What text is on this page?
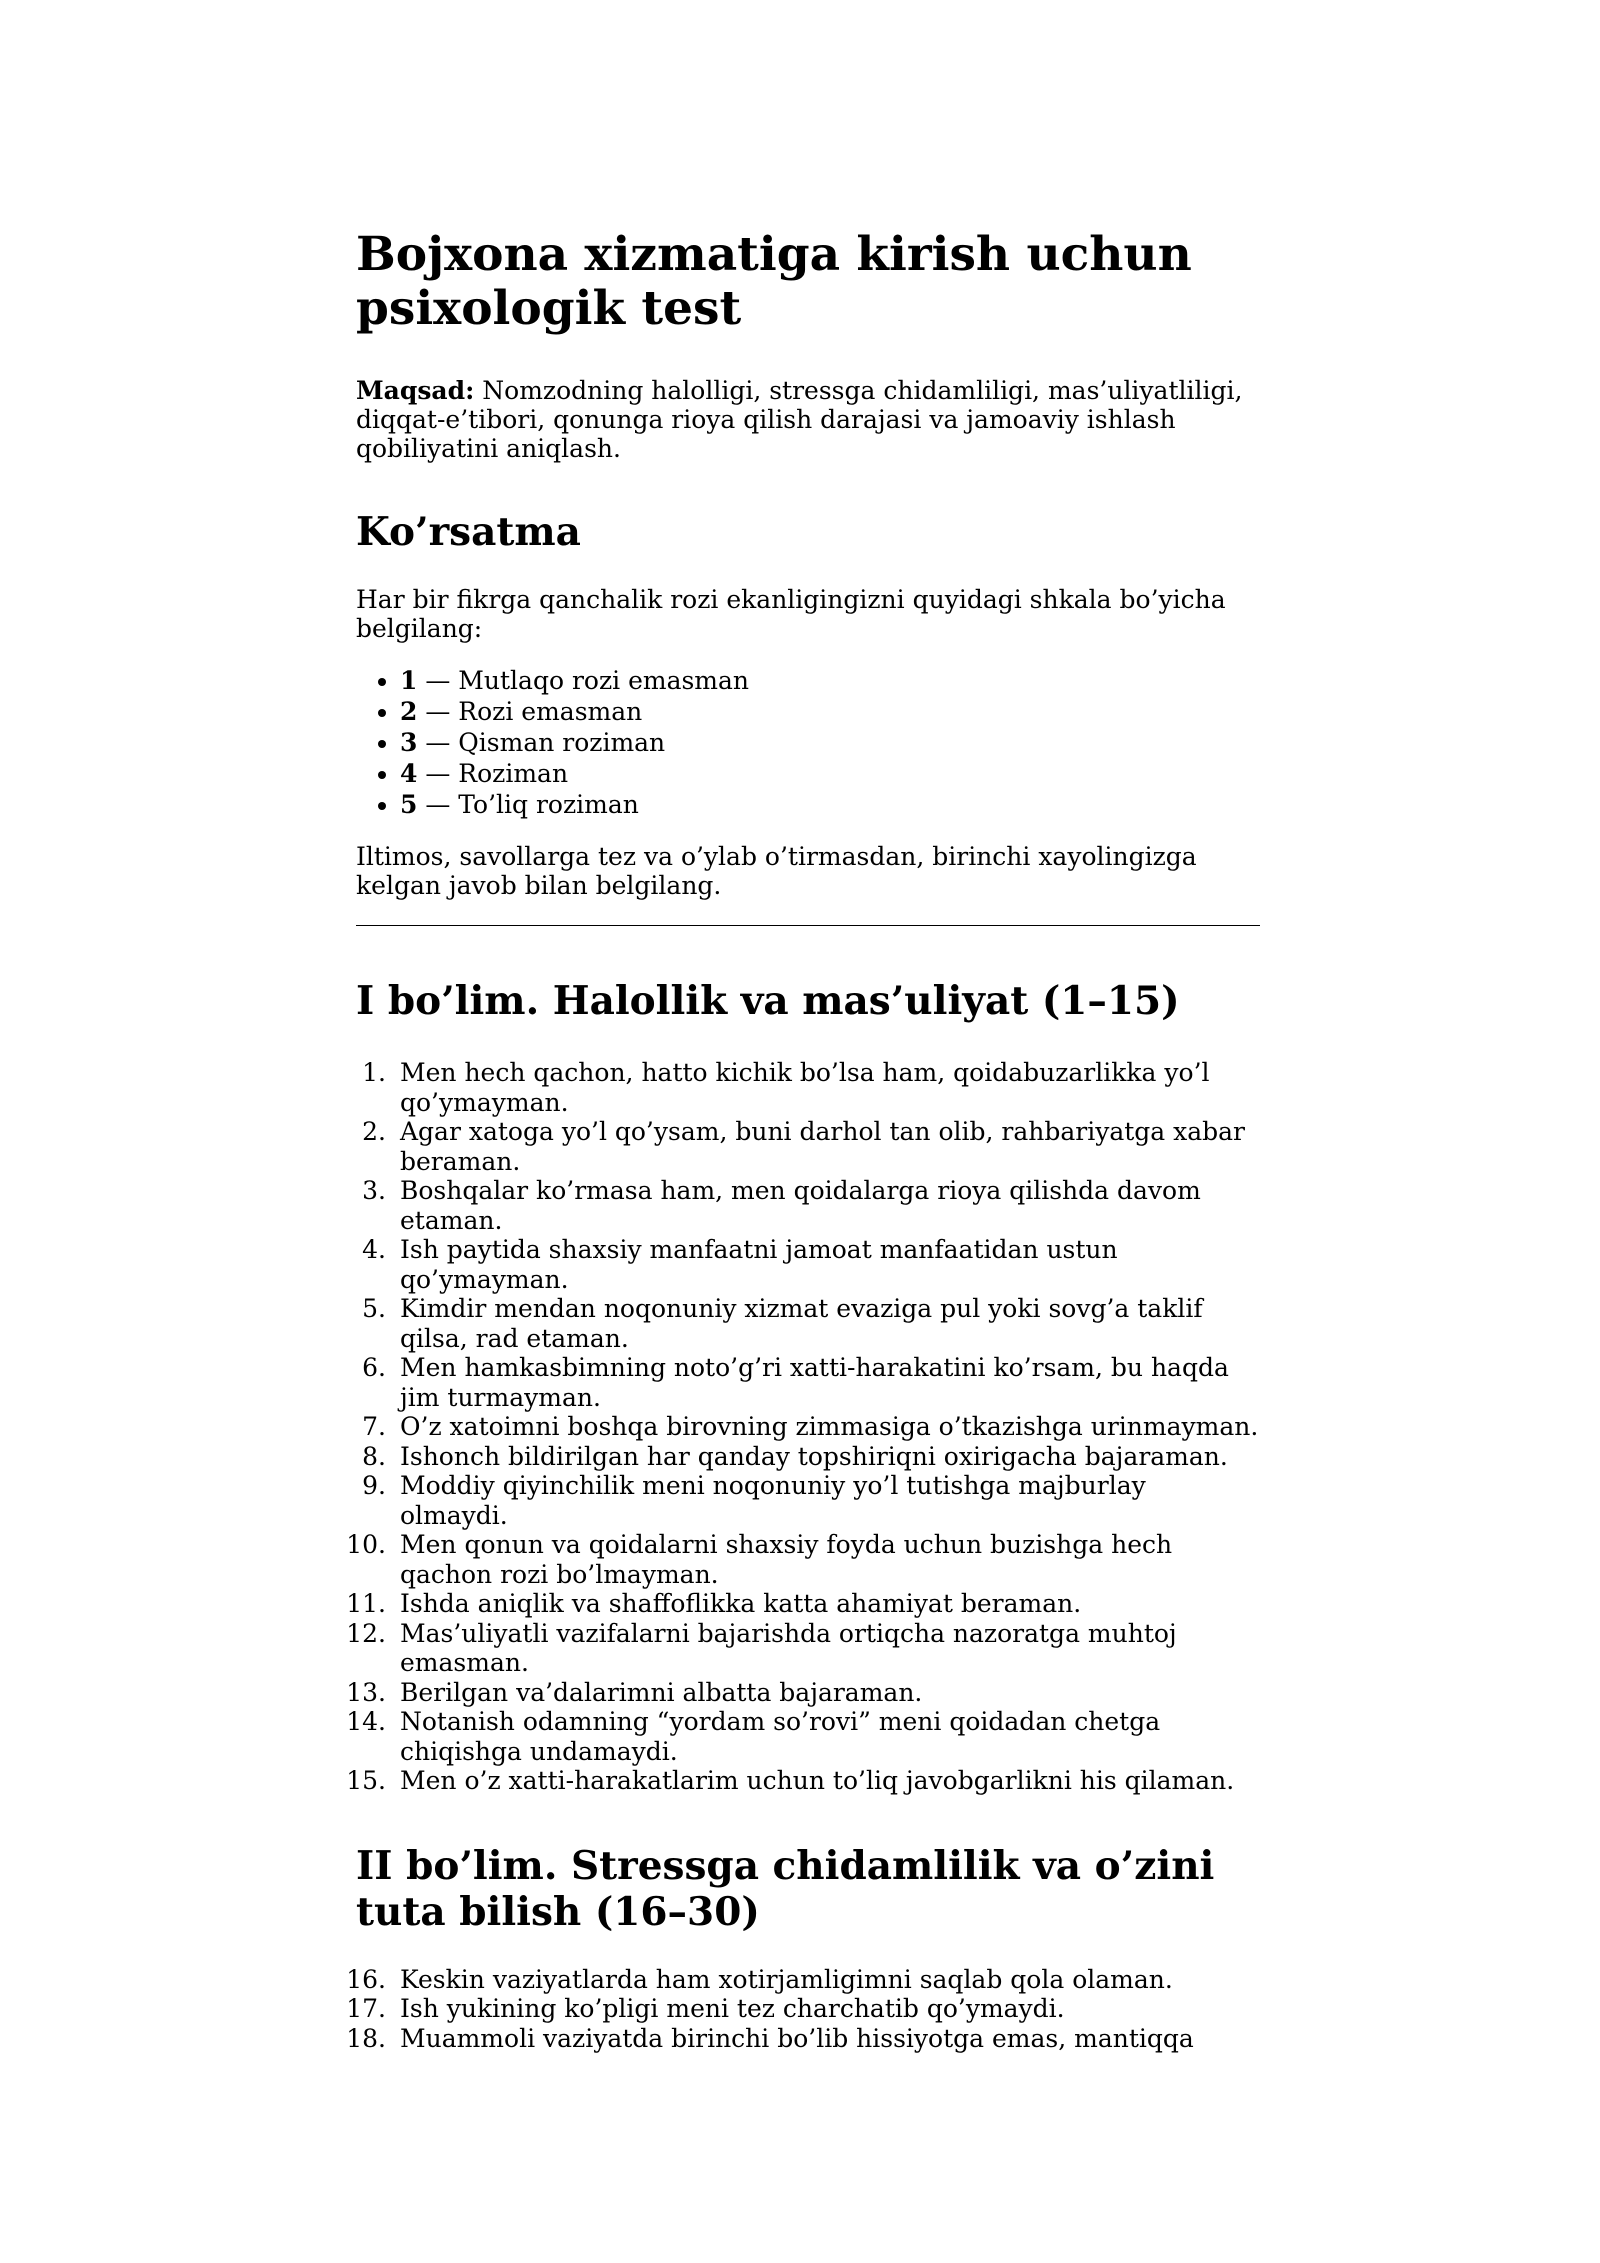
Bojxona xizmatiga kirish uchun psixologik test

Maqsad: Nomzodning halolligi, stressga chidamliligi, mas’uliyatliligi, diqqat-e’tibori, qonunga rioya qilish darajasi va jamoaviy ishlash qobiliyatini aniqlash.

Ko’rsatma

Har bir fikrga qanchalik rozi ekanligingizni quyidagi shkala bo’yicha belgilang:

• 1 — Mutlaqo rozi emasman
• 2 — Rozi emasman
• 3 — Qisman roziman
• 4 — Roziman
• 5 — To’liq roziman

Iltimos, savollarga tez va o’ylab o’tirmasdan, birinchi xayolingizga kelgan javob bilan belgilang.

I bo’lim. Halollik va mas’uliyat (1–15)
1. Men hech qachon, hatto kichik bo’lsa ham, qoidabuzarlikka yo’l qo’ymayman.
2. Agar xatoga yo’l qo’ysam, buni darhol tan olib, rahbariyatga xabar beraman.
3. Boshqalar ko’rmasa ham, men qoidalarga rioya qilishda davom etaman.
4. Ish paytida shaxsiy manfaatni jamoat manfaatidan ustun qo’ymayman.
5. Kimdir mendan noqonuniy xizmat evaziga pul yoki sovg’a taklif qilsa, rad etaman.
6. Men hamkasbimning noto’g’ri xatti-harakatini ko’rsam, bu haqda jim turmayman.
7. O’z xatoimni boshqa birovning zimmasiga o’tkazishga urinmayman.
8. Ishonch bildirilgan har qanday topshiriqni oxirigacha bajaraman.
9. Moddiy qiyinchilik meni noqonuniy yo’l tutishga majburlay olmaydi.
10. Men qonun va qoidalarni shaxsiy foyda uchun buzishga hech qachon rozi bo’lmayman.
11. Ishda aniqlik va shaffoflikka katta ahamiyat beraman.
12. Mas’uliyatli vazifalarni bajarishda ortiqcha nazoratga muhtoj emasman.
13. Berilgan va’dalarimni albatta bajaraman.
14. Notanish odamning “yordam so’rovi” meni qoidadan chetga chiqishga undamaydi.
15. Men o’z xatti-harakatlarim uchun to’liq javobgarlikni his qilaman.
II bo’lim. Stressga chidamlilik va o’zini tuta bilish (16–30)
16. Keskin vaziyatlarda ham xotirjamligimni saqlab qola olaman.
17. Ish yukining ko’pligi meni tez charchatib qo’ymaydi.
18. Muammoli vaziyatda birinchi bo’lib hissiyotga emas, mantiqqa
